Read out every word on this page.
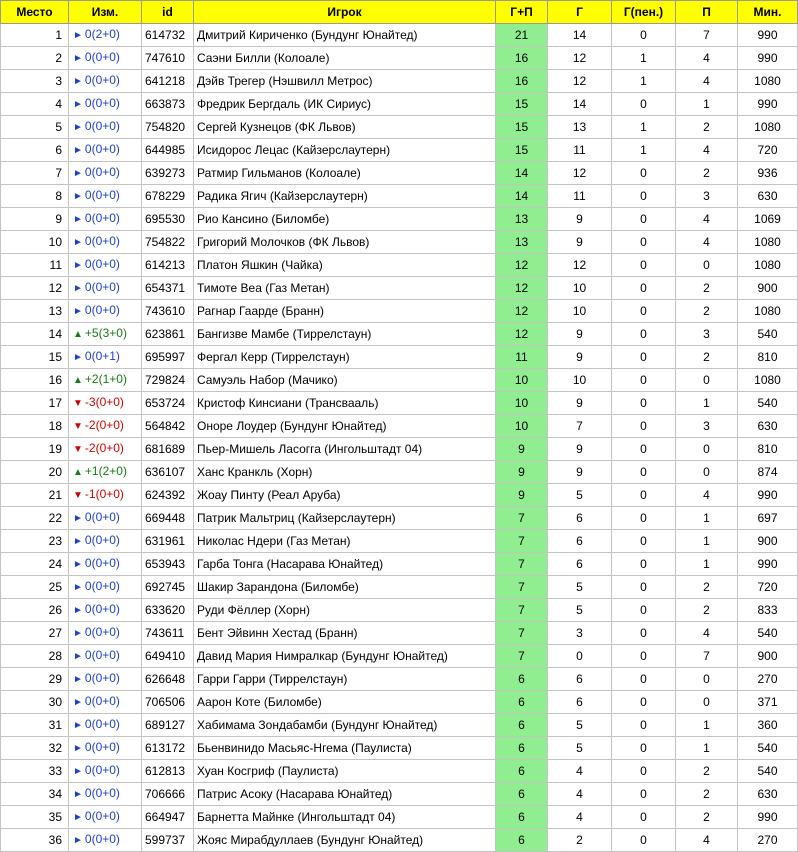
Место	Изм.	id	Игрок	Г+П	Г	Г(пен.)	П	Мин.
1	► 0(2+0)	614732	Дмитрий Кириченко (Бундунг Юнайтед)	21	14	0	7	990
2	► 0(0+0)	747610	Саэни Билли (Колоале)	16	12	1	4	990
3	► 0(0+0)	641218	Дэйв Трегер (Нэшвилл Метрос)	16	12	1	4	1080
4	► 0(0+0)	663873	Фредрик Бергдаль (ИК Сириус)	15	14	0	1	990
5	► 0(0+0)	754820	Сергей Кузнецов (ФК Львов)	15	13	1	2	1080
6	► 0(0+0)	644985	Исидорос Лецас (Кайзерслаутерн)	15	11	1	4	720
7	► 0(0+0)	639273	Ратмир Гильманов (Колоале)	14	12	0	2	936
8	► 0(0+0)	678229	Радика Ягич (Кайзерслаутерн)	14	11	0	3	630
9	► 0(0+0)	695530	Рио Кансино (Биломбе)	13	9	0	4	1069
10	► 0(0+0)	754822	Григорий Молочков (ФК Львов)	13	9	0	4	1080
11	► 0(0+0)	614213	Платон Яшкин (Чайка)	12	12	0	0	1080
12	► 0(0+0)	654371	Тимоте Веа (Газ Метан)	12	10	0	2	900
13	► 0(0+0)	743610	Рагнар Гаарде (Бранн)	12	10	0	2	1080
14	▲ +5(3+0)	623861	Бангизве Мамбе (Тиррелстаун)	12	9	0	3	540
15	► 0(0+1)	695997	Фергал Керр (Тиррелстаун)	11	9	0	2	810
16	▲ +2(1+0)	729824	Самуэль Набор (Мачико)	10	10	0	0	1080
17	▼ -3(0+0)	653724	Кристоф Кинсиани (Трансвааль)	10	9	0	1	540
18	▼ -2(0+0)	564842	Оноре Лоудер (Бундунг Юнайтед)	10	7	0	3	630
19	▼ -2(0+0)	681689	Пьер-Мишель Ласогга (Ингольштадт 04)	9	9	0	0	810
20	▲ +1(2+0)	636107	Ханс Кранкль (Хорн)	9	9	0	0	874
21	▼ -1(0+0)	624392	Жоау Пинту (Реал Аруба)	9	5	0	4	990
22	► 0(0+0)	669448	Патрик Мальтриц (Кайзерслаутерн)	7	6	0	1	697
23	► 0(0+0)	631961	Николас Ндери (Газ Метан)	7	6	0	1	900
24	► 0(0+0)	653943	Гарба Тонга (Насарава Юнайтед)	7	6	0	1	990
25	► 0(0+0)	692745	Шакир Зарандона (Биломбе)	7	5	0	2	720
26	► 0(0+0)	633620	Руди Фёллер (Хорн)	7	5	0	2	833
27	► 0(0+0)	743611	Бент Эйвинн Хестад (Бранн)	7	3	0	4	540
28	► 0(0+0)	649410	Давид Мария Нимралкар (Бундунг Юнайтед)	7	0	0	7	900
29	► 0(0+0)	626648	Гарри Гарри (Тиррелстаун)	6	6	0	0	270
30	► 0(0+0)	706506	Аарон Коте (Биломбе)	6	6	0	0	371
31	► 0(0+0)	689127	Хабимама Зондабамби (Бундунг Юнайтед)	6	5	0	1	360
32	► 0(0+0)	613172	Бьенвинидо Масьяс-Нгема (Паулиста)	6	5	0	1	540
33	► 0(0+0)	612813	Хуан Косгриф (Паулиста)	6	4	0	2	540
34	► 0(0+0)	706666	Патрис Асоку (Насарава Юнайтед)	6	4	0	2	630
35	► 0(0+0)	664947	Барнетта Майнке (Ингольштадт 04)	6	4	0	2	990
36	► 0(0+0)	599737	Жояс Мирабдуллаев (Бундунг Юнайтед)	6	2	0	4	270
